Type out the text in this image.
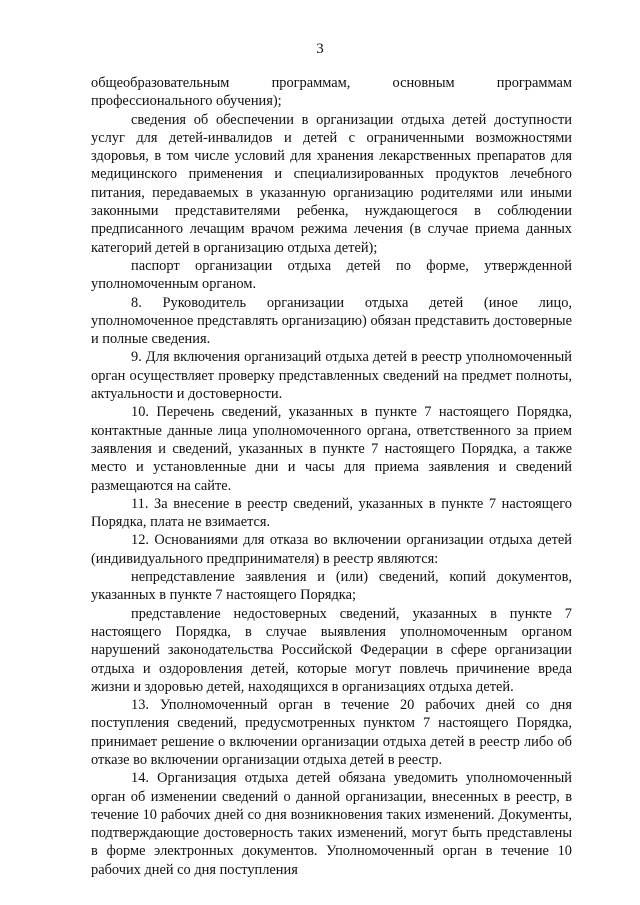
3

общеобразовательным программам, основным программам профессионального обучения);

сведения об обеспечении в организации отдыха детей доступности услуг для детей-инвалидов и детей с ограниченными возможностями здоровья, в том числе условий для хранения лекарственных препаратов для медицинского применения и специализированных продуктов лечебного питания, передаваемых в указанную организацию родителями или иными законными представителями ребенка, нуждающегося в соблюдении предписанного лечащим врачом режима лечения (в случае приема данных категорий детей в организацию отдыха детей);

паспорт организации отдыха детей по форме, утвержденной уполномоченным органом.

8. Руководитель организации отдыха детей (иное лицо, уполномоченное представлять организацию) обязан представить достоверные и полные сведения.

9. Для включения организаций отдыха детей в реестр уполномоченный орган осуществляет проверку представленных сведений на предмет полноты, актуальности и достоверности.

10. Перечень сведений, указанных в пункте 7 настоящего Порядка, контактные данные лица уполномоченного органа, ответственного за прием заявления и сведений, указанных в пункте 7 настоящего Порядка, а также место и установленные дни и часы для приема заявления и сведений размещаются на сайте.

11. За внесение в реестр сведений, указанных в пункте 7 настоящего Порядка, плата не взимается.

12. Основаниями для отказа во включении организации отдыха детей (индивидуального предпринимателя) в реестр являются:

непредставление заявления и (или) сведений, копий документов, указанных в пункте 7 настоящего Порядка;

представление недостоверных сведений, указанных в пункте 7 настоящего Порядка, в случае выявления уполномоченным органом нарушений законодательства Российской Федерации в сфере организации отдыха и оздоровления детей, которые могут повлечь причинение вреда жизни и здоровью детей, находящихся в организациях отдыха детей.

13. Уполномоченный орган в течение 20 рабочих дней со дня поступления сведений, предусмотренных пунктом 7 настоящего Порядка, принимает решение о включении организации отдыха детей в реестр либо об отказе во включении организации отдыха детей в реестр.

14. Организация отдыха детей обязана уведомить уполномоченный орган об изменении сведений о данной организации, внесенных в реестр, в течение 10 рабочих дней со дня возникновения таких изменений. Документы, подтверждающие достоверность таких изменений, могут быть представлены в форме электронных документов. Уполномоченный орган в течение 10 рабочих дней со дня поступления
